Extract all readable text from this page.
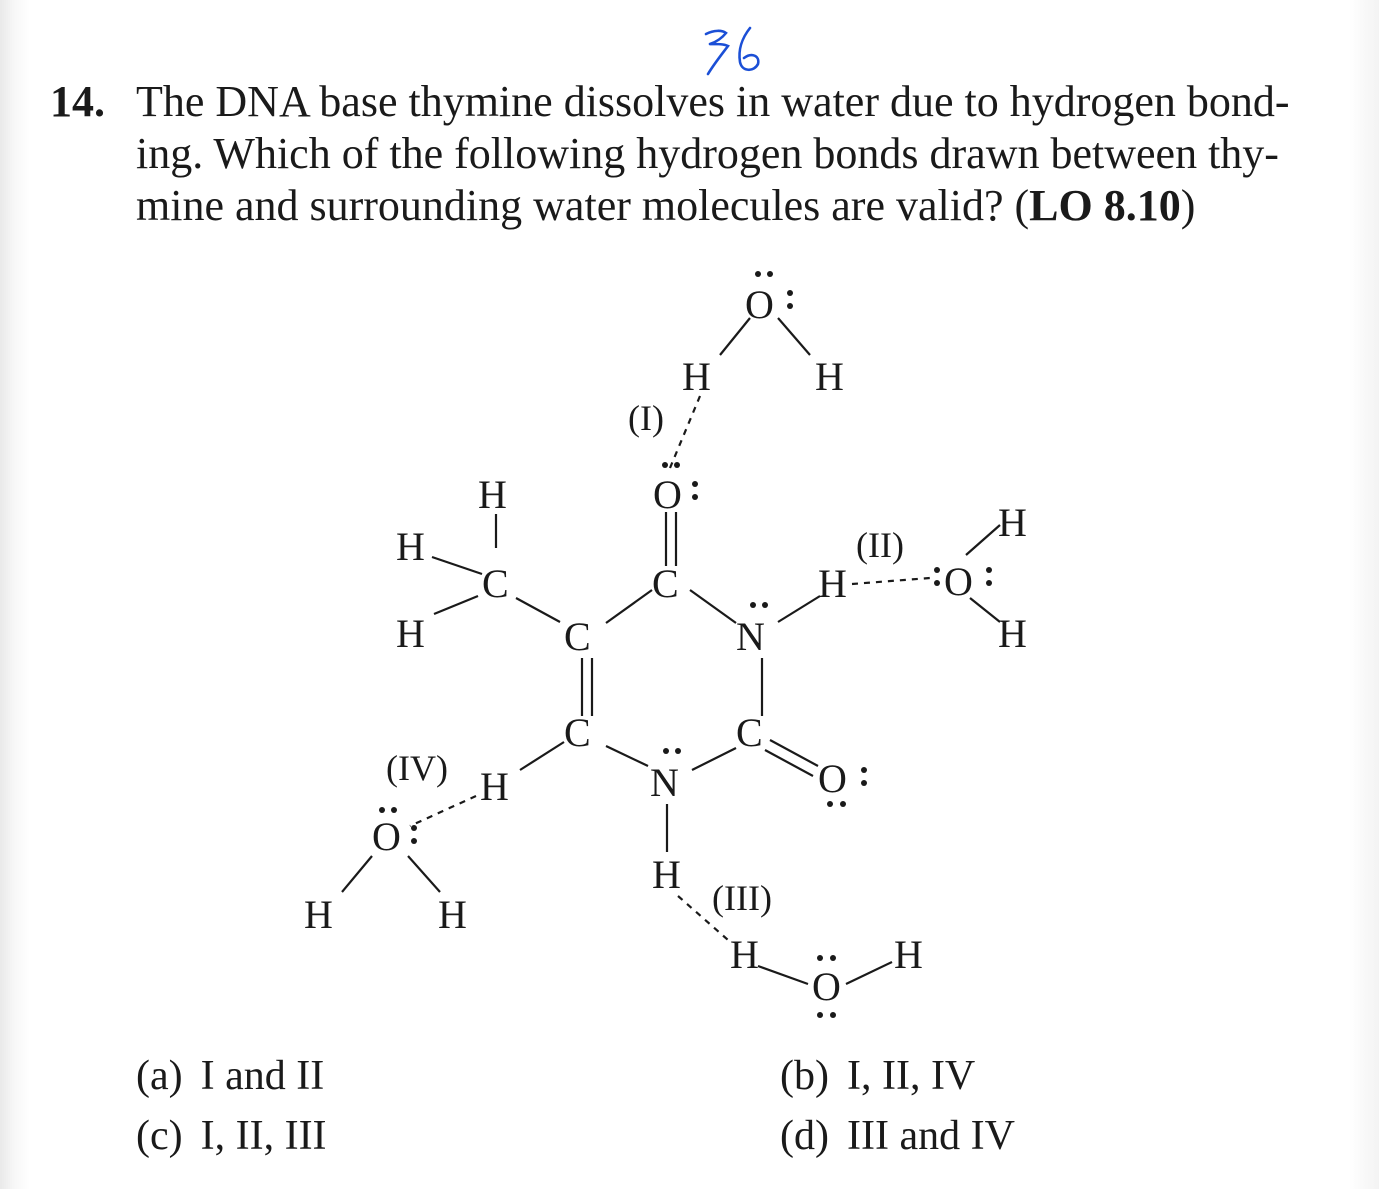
14. The DNA base thymine dissolves in water due to hydrogen bond-
ing. Which of the following hydrogen bonds drawn between thy-
mine and surrounding water molecules are valid? (LO 8.10)
O
H	H
(I)
O
H
H
C
H
C
C	N
C	C
N
H
H
(II)
O
H
H
O
H
(IV)
O
H	H	(III)
H
O
H
(a) I and II
(c) I, II, III
(b) I, II, IV
(d) III and IV
